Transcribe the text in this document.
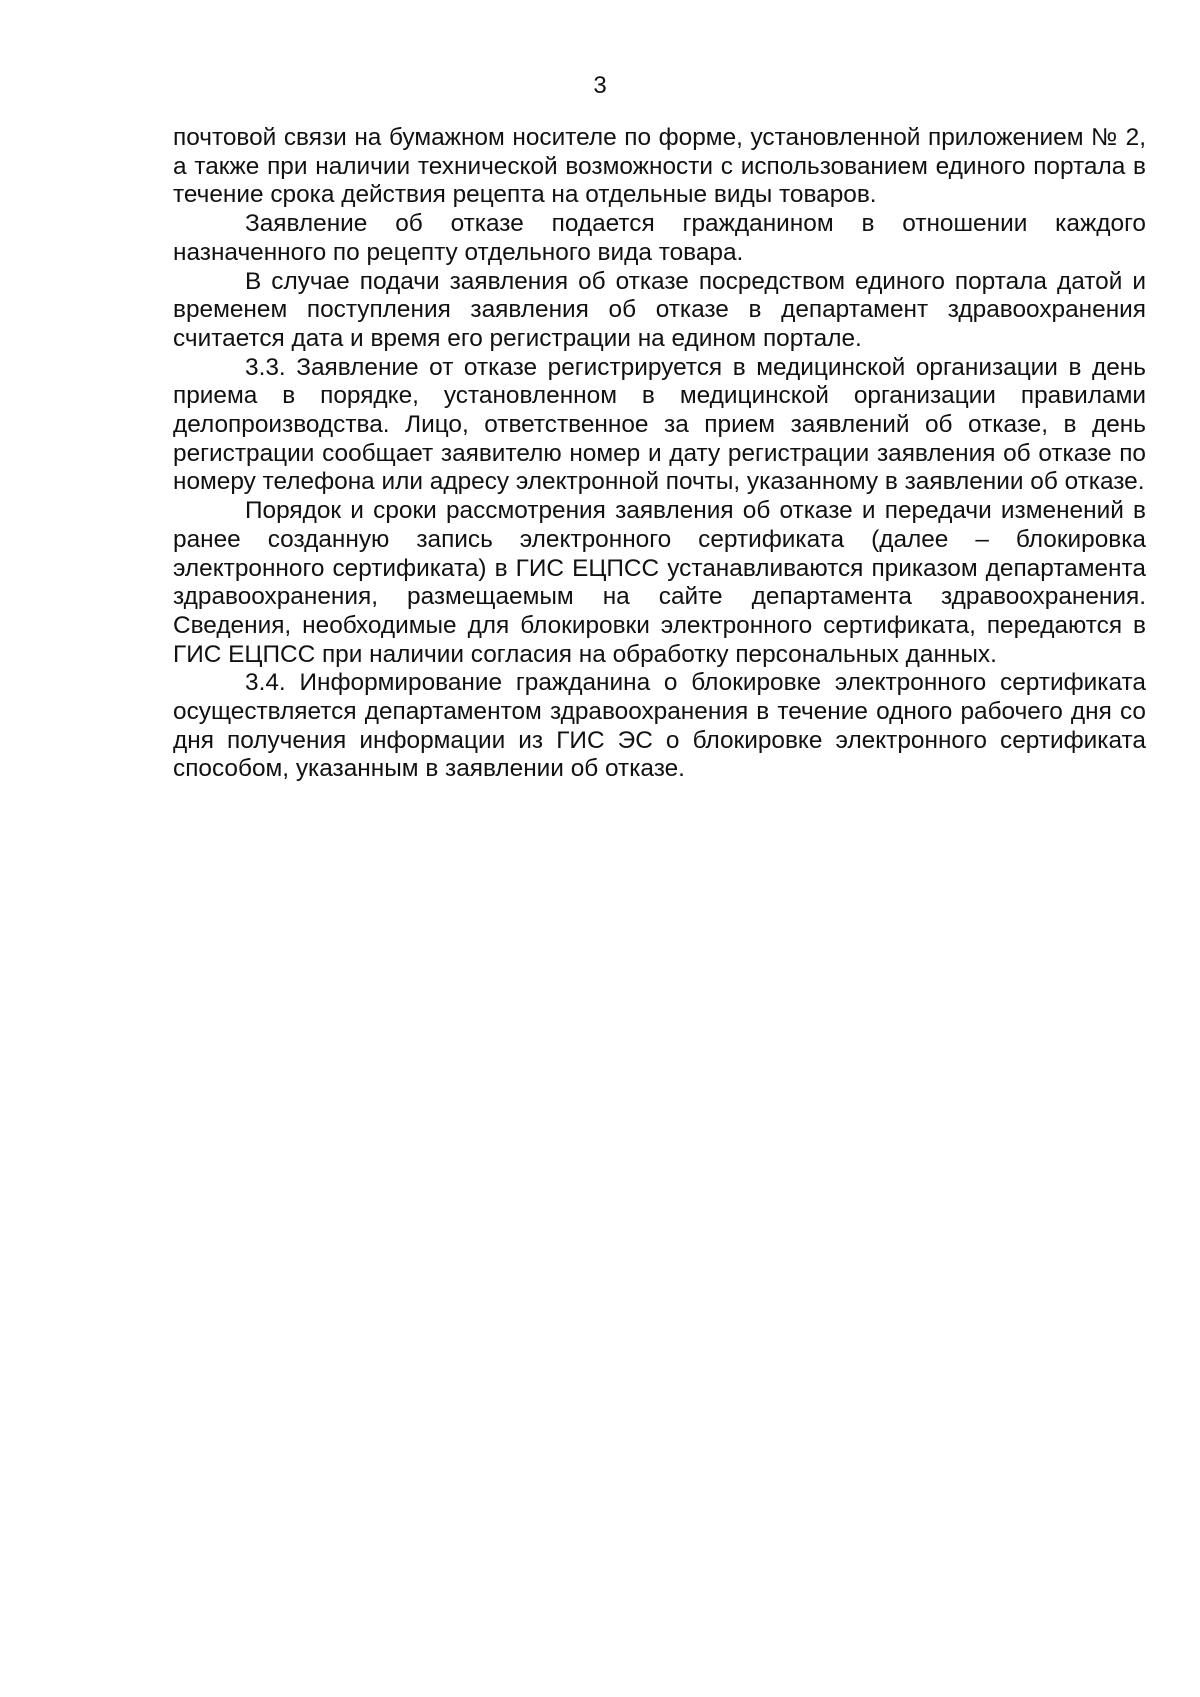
3

почтовой связи на бумажном носителе по форме, установленной приложением № 2, а также при наличии технической возможности с использованием единого портала в течение срока действия рецепта на отдельные виды товаров.

Заявление об отказе подается гражданином в отношении каждого назначенного по рецепту отдельного вида товара.

В случае подачи заявления об отказе посредством единого портала датой и временем поступления заявления об отказе в департамент здравоохранения считается дата и время его регистрации на едином портале.

3.3. Заявление от отказе регистрируется в медицинской организации в день приема в порядке, установленном в медицинской организации правилами делопроизводства. Лицо, ответственное за прием заявлений об отказе, в день регистрации сообщает заявителю номер и дату регистрации заявления об отказе по номеру телефона или адресу электронной почты, указанному в заявлении об отказе.

Порядок и сроки рассмотрения заявления об отказе и передачи изменений в ранее созданную запись электронного сертификата (далее – блокировка электронного сертификата) в ГИС ЕЦПСС устанавливаются приказом департамента здравоохранения, размещаемым на сайте департамента здравоохранения. Сведения, необходимые для блокировки электронного сертификата, передаются в ГИС ЕЦПСС при наличии согласия на обработку персональных данных.

3.4. Информирование гражданина о блокировке электронного сертификата осуществляется департаментом здравоохранения в течение одного рабочего дня со дня получения информации из ГИС ЭС о блокировке электронного сертификата способом, указанным в заявлении об отказе.
